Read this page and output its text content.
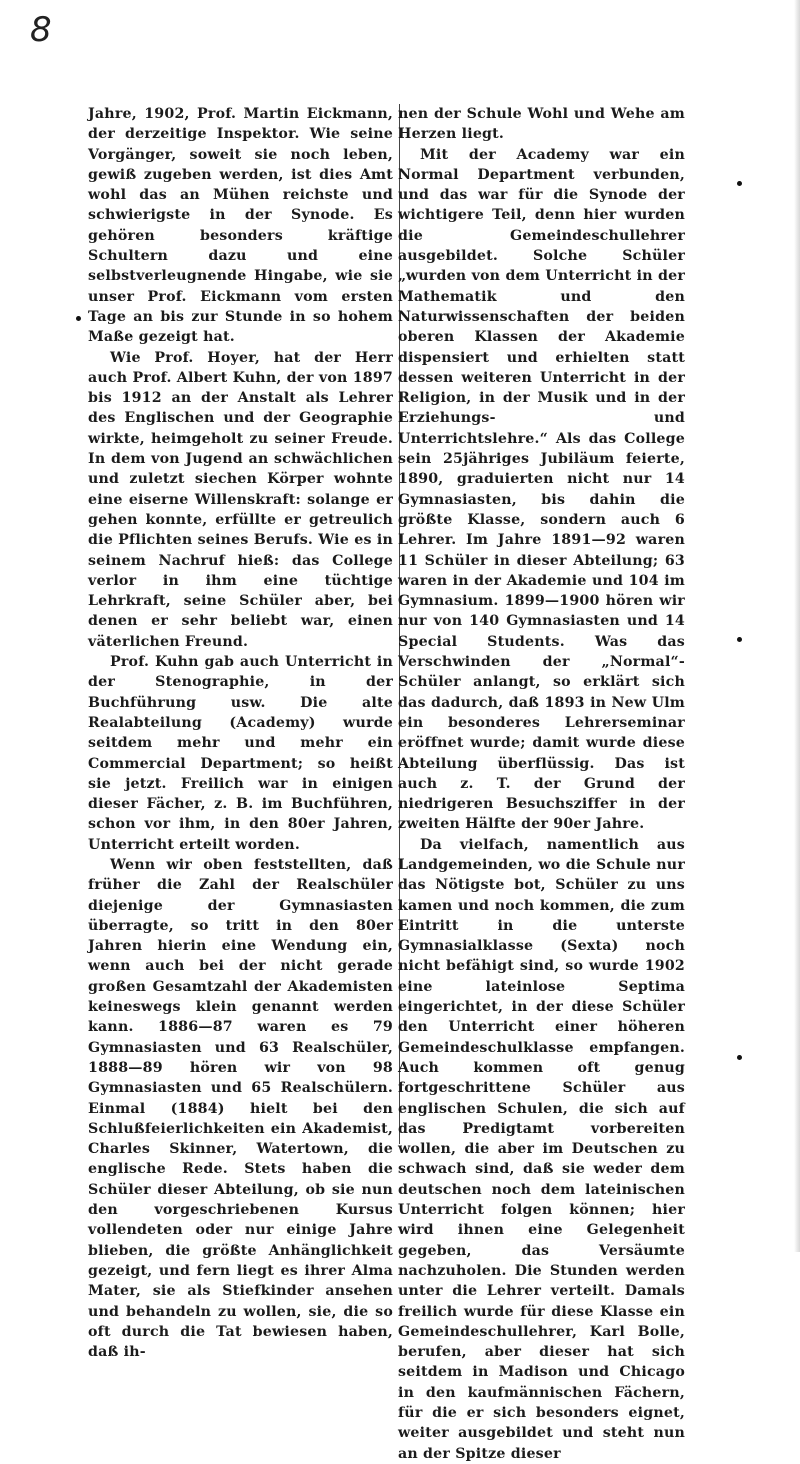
8

Jahre, 1902, Prof. Martin Eickmann, der derzeitige Inspektor. Wie seine Vorgänger, soweit sie noch leben, gewiß zugeben werden, ist dies Amt wohl das an Mühen reichste und schwierigste in der Synode. Es gehören besonders kräftige Schultern dazu und eine selbstverleugnende Hingabe, wie sie unser Prof. Eickmann vom ersten Tage an bis zur Stunde in so hohem Maße gezeigt hat.

Wie Prof. Hoyer, hat der Herr auch Prof. Albert Kuhn, der von 1897 bis 1912 an der Anstalt als Lehrer des Englischen und der Geographie wirkte, heimgeholt zu seiner Freude. In dem von Jugend an schwächlichen und zuletzt siechen Körper wohnte eine eiserne Willenskraft: solange er gehen konnte, erfüllte er getreulich die Pflichten seines Berufs. Wie es in seinem Nachruf hieß: das College verlor in ihm eine tüchtige Lehrkraft, seine Schüler aber, bei denen er sehr beliebt war, einen väterlichen Freund.

Prof. Kuhn gab auch Unterricht in der Stenographie, in der Buchführung usw. Die alte Realabteilung (Academy) wurde seitdem mehr und mehr ein Commercial Department; so heißt sie jetzt. Freilich war in einigen dieser Fächer, z. B. im Buchführen, schon vor ihm, in den 80er Jahren, Unterricht erteilt worden.

Wenn wir oben feststellten, daß früher die Zahl der Realschüler diejenige der Gymnasiasten überragte, so tritt in den 80er Jahren hierin eine Wendung ein, wenn auch bei der nicht gerade großen Gesamtzahl der Akademisten keineswegs klein genannt werden kann. 1886—87 waren es 79 Gymnasiasten und 63 Realschüler, 1888—89 hören wir von 98 Gymnasiasten und 65 Realschülern. Einmal (1884) hielt bei den Schlußfeierlichkeiten ein Akademist, Charles Skinner, Watertown, die englische Rede. Stets haben die Schüler dieser Abteilung, ob sie nun den vorgeschriebenen Kursus vollendeten oder nur einige Jahre blieben, die größte Anhänglichkeit gezeigt, und fern liegt es ihrer Alma Mater, sie als Stiefkinder ansehen und behandeln zu wollen, sie, die so oft durch die Tat bewiesen haben, daß ih-

nen der Schule Wohl und Wehe am Herzen liegt.

Mit der Academy war ein Normal Department verbunden, und das war für die Synode der wichtigere Teil, denn hier wurden die Gemeindeschullehrer ausgebildet. Solche Schüler „wurden von dem Unterricht in der Mathematik und den Naturwissenschaften der beiden oberen Klassen der Akademie dispensiert und erhielten statt dessen weiteren Unterricht in der Religion, in der Musik und in der Erziehungs- und Unterrichtslehre.“ Als das College sein 25jähriges Jubiläum feierte, 1890, graduierten nicht nur 14 Gymnasiasten, bis dahin die größte Klasse, sondern auch 6 Lehrer. Im Jahre 1891—92 waren 11 Schüler in dieser Abteilung; 63 waren in der Akademie und 104 im Gymnasium. 1899—1900 hören wir nur von 140 Gymnasiasten und 14 Special Students. Was das Verschwinden der „Normal“-Schüler anlangt, so erklärt sich das dadurch, daß 1893 in New Ulm ein besonderes Lehrerseminar eröffnet wurde; damit wurde diese Abteilung überflüssig. Das ist auch z. T. der Grund der niedrigeren Besuchsziffer in der zweiten Hälfte der 90er Jahre.

Da vielfach, namentlich aus Landgemeinden, wo die Schule nur das Nötigste bot, Schüler zu uns kamen und noch kommen, die zum Eintritt in die unterste Gymnasialklasse (Sexta) noch nicht befähigt sind, so wurde 1902 eine lateinlose Septima eingerichtet, in der diese Schüler den Unterricht einer höheren Gemeindeschulklasse empfangen. Auch kommen oft genug fortgeschrittene Schüler aus englischen Schulen, die sich auf das Predigtamt vorbereiten wollen, die aber im Deutschen zu schwach sind, daß sie weder dem deutschen noch dem lateinischen Unterricht folgen können; hier wird ihnen eine Gelegenheit gegeben, das Versäumte nachzuholen. Die Stunden werden unter die Lehrer verteilt. Damals freilich wurde für diese Klasse ein Gemeindeschullehrer, Karl Bolle, berufen, aber dieser hat sich seitdem in Madison und Chicago in den kaufmännischen Fächern, für die er sich besonders eignet, weiter ausgebildet und steht nun an der Spitze dieser
